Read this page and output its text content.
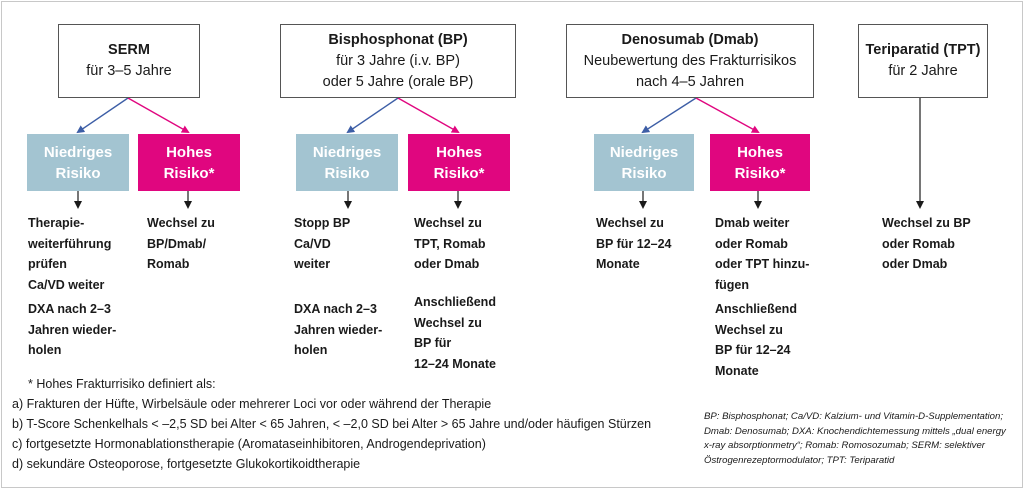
SERM
für 3–5 Jahre
Niedriges
Risiko
Hohes
Risiko*
Therapie-
weiterführung
prüfen
Ca/VD weiter
DXA nach 2–3
Jahren wieder-
holen
Wechsel zu
BP/Dmab/
Romab
Bisphosphonat (BP)
für 3 Jahre (i.v. BP)
oder 5 Jahre (orale BP)
Niedriges
Risiko
Hohes
Risiko*
Stopp BP
Ca/VD
weiter
DXA nach 2–3
Jahren wieder-
holen
Wechsel zu
TPT, Romab
oder Dmab
Anschließend
Wechsel zu
BP für
12–24 Monate
Denosumab (Dmab)
Neubewertung des Frakturrisikos
nach 4–5 Jahren
Niedriges
Risiko
Hohes
Risiko*
Wechsel zu
BP für 12–24
Monate
Dmab weiter
oder Romab
oder TPT hinzu-
fügen
Anschließend
Wechsel zu
BP für 12–24
Monate
Teriparatid (TPT)
für 2 Jahre
Wechsel zu BP
oder Romab
oder Dmab
* Hohes Frakturrisiko definiert als:
a) Frakturen der Hüfte, Wirbelsäule oder mehrerer Loci vor oder während der Therapie
b) T-Score Schenkelhals < –2,5 SD bei Alter < 65 Jahren, < –2,0 SD bei Alter > 65 Jahre und/oder häufigen Stürzen
c) fortgesetzte Hormonablationstherapie (Aromataseinhibitoren, Androgendeprivation)
d) sekundäre Osteoporose, fortgesetzte Glukokortikoidtherapie
BP: Bisphosphonat; Ca/VD: Kalzium- und Vitamin-D-Supplementation; Dmab: Denosumab; DXA: Knochendichtemessung mittels „dual energy x-ray absorptionmetry“; Romab: Romosozumab; SERM: selektiver Östrogenrezeptormodulator; TPT: Teriparatid
